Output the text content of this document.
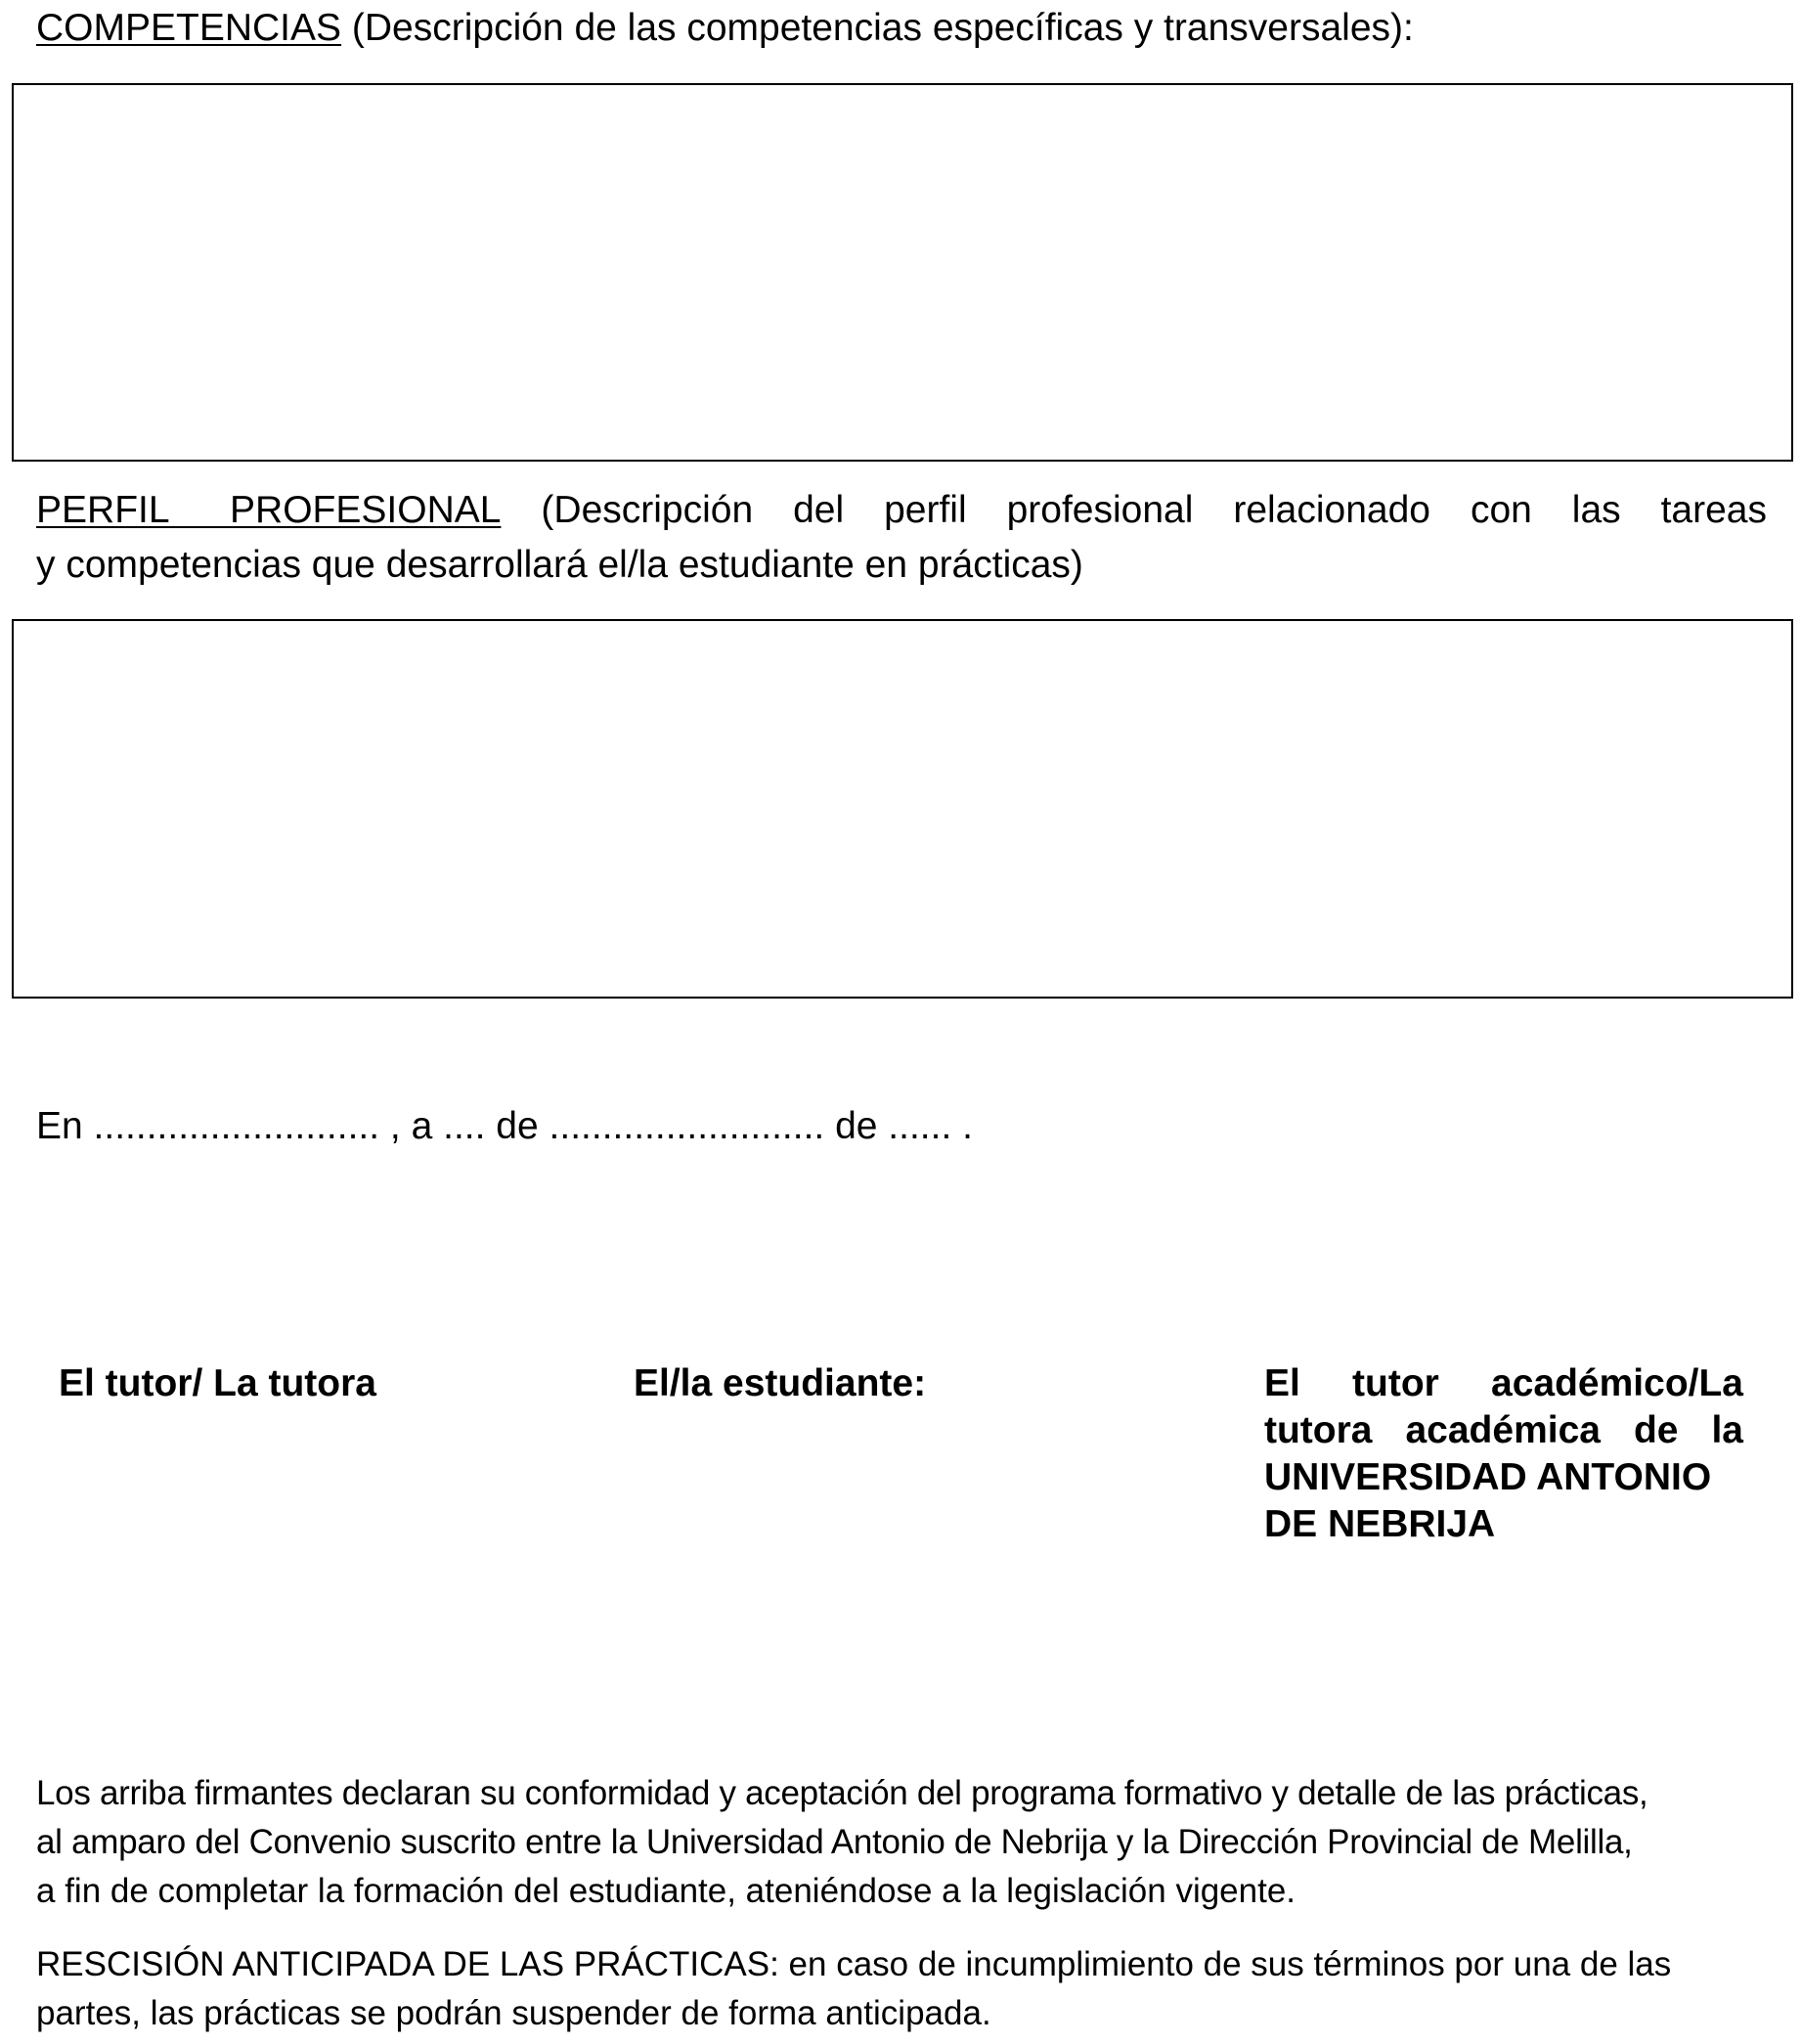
COMPETENCIAS (Descripción de las competencias específicas y transversales):
PERFIL PROFESIONAL (Descripción del perfil profesional relacionado con las tareas
y competencias que desarrollará el/la estudiante en prácticas)
En ........................... , a .... de .......................... de ...... .
El tutor/ La tutora	El/la estudiante:	El tutor académico/La
tutora académica de la
UNIVERSIDAD ANTONIO
DE NEBRIJA
Los arriba firmantes declaran su conformidad y aceptación del programa formativo y detalle de las prácticas,
al amparo del Convenio suscrito entre la Universidad Antonio de Nebrija y la Dirección Provincial de Melilla,
a fin de completar la formación del estudiante, ateniéndose a la legislación vigente.
RESCISIÓN ANTICIPADA DE LAS PRÁCTICAS: en caso de incumplimiento de sus términos por una de las
partes, las prácticas se podrán suspender de forma anticipada.
